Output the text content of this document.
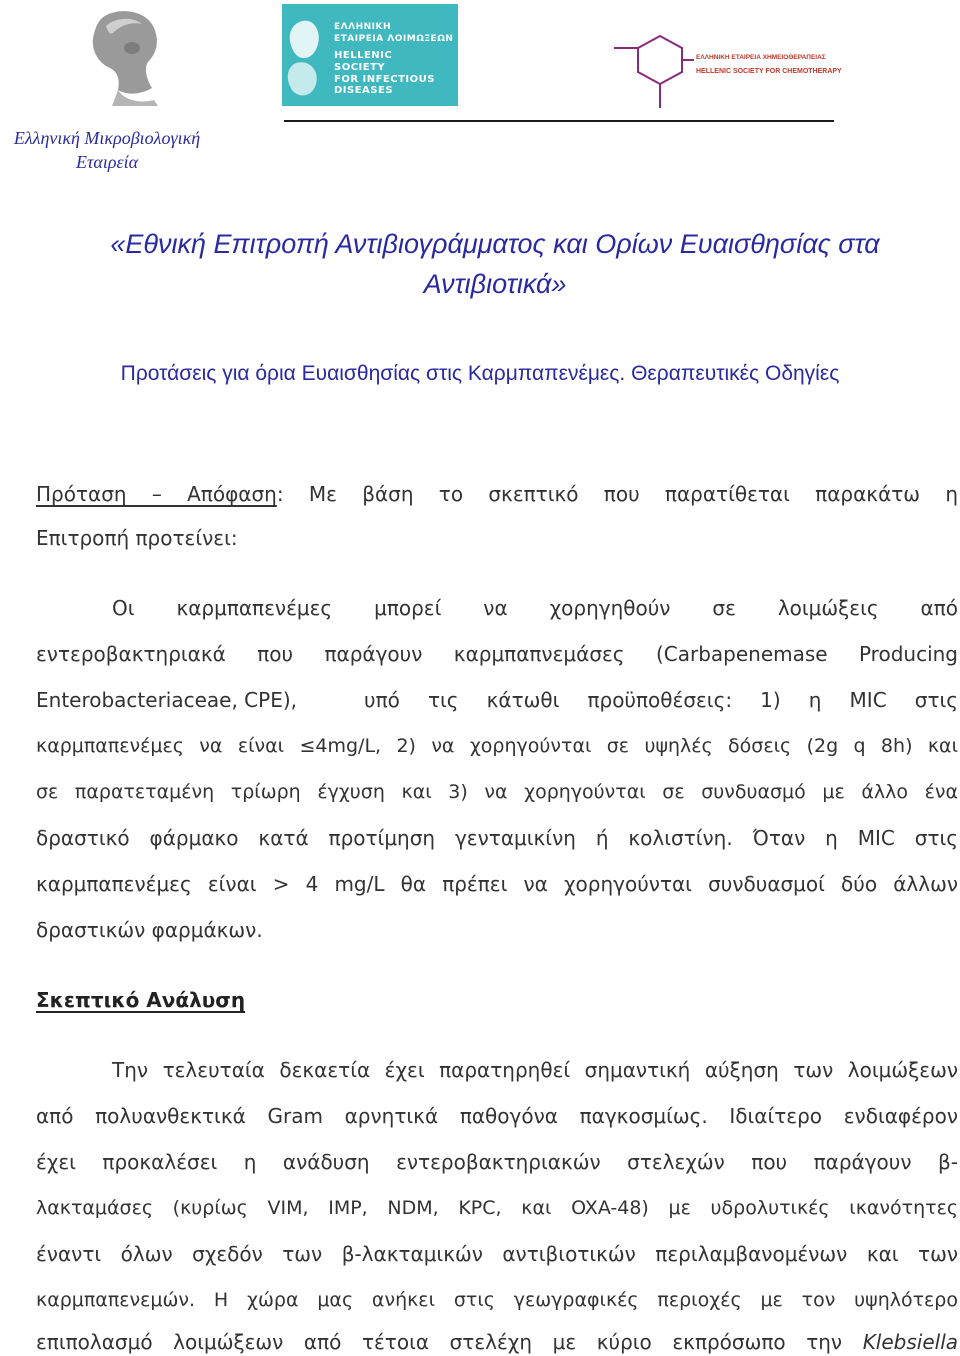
Ελληνική Μικροβιολογική
Εταιρεία
ΕΛΛΗΝΙΚΗ
ΕΤΑΙΡΕΙΑ ΛΟΙΜΩΞΕΩΝ
HELLENIC
SOCIETY
FOR INFECTIOUS DISEASES
ΕΛΛΗΝΙΚΗ ΕΤΑΙΡΕΙΑ ΧΗΜΕΙΟΘΕΡΑΠΕΙΑΣ
HELLENIC SOCIETY FOR CHEMOTHERAPY
«Εθνική Επιτροπή Αντιβιογράμματος και Ορίων Ευαισθησίας στα
Αντιβιοτικά»
Προτάσεις για όρια Ευαισθησίας στις Καρμπαπενέμες. Θεραπευτικές Οδηγίες
Πρόταση – Απόφαση: Με βάση το σκεπτικό που παρατίθεται παρακάτω η
Επιτροπή προτείνει:
Οι καρμπαπενέμες μπορεί να χορηγηθούν σε λοιμώξεις από
εντεροβακτηριακά που παράγουν καρμπαπνεμάσες (Carbapenemase Producing
Enterobacteriaceae, CPE),	υπό τις κάτωθι προϋποθέσεις: 1) η MIC στις
καρμπαπενέμες να είναι ≤4mg/L, 2) να χορηγούνται σε υψηλές δόσεις (2g q 8h) και
σε παρατεταμένη τρίωρη έγχυση και 3) να χορηγούνται σε συνδυασμό με άλλο ένα
δραστικό φάρμακο κατά προτίμηση γενταμικίνη ή κολιστίνη. Όταν η MIC στις
καρμπαπενέμες είναι > 4 mg/L θα πρέπει να χορηγούνται συνδυασμοί δύο άλλων
δραστικών φαρμάκων.
Σκεπτικό Ανάλυση
Την τελευταία δεκαετία έχει παρατηρηθεί σημαντική αύξηση των λοιμώξεων
από πολυανθεκτικά Gram αρνητικά παθογόνα παγκοσμίως. Ιδιαίτερο ενδιαφέρον
έχει προκαλέσει η ανάδυση εντεροβακτηριακών στελεχών που παράγουν β-
λακταμάσες (κυρίως VIM, IMP, NDM, KPC, και OXA-48) με υδρολυτικές ικανότητες
έναντι όλων σχεδόν των β-λακταμικών αντιβιοτικών περιλαμβανομένων και των
καρμπαπενεμών. Η χώρα μας ανήκει στις γεωγραφικές περιοχές με τον υψηλότερο
επιπολασμό λοιμώξεων από τέτοια στελέχη με κύριο εκπρόσωπο την Klebsiella
